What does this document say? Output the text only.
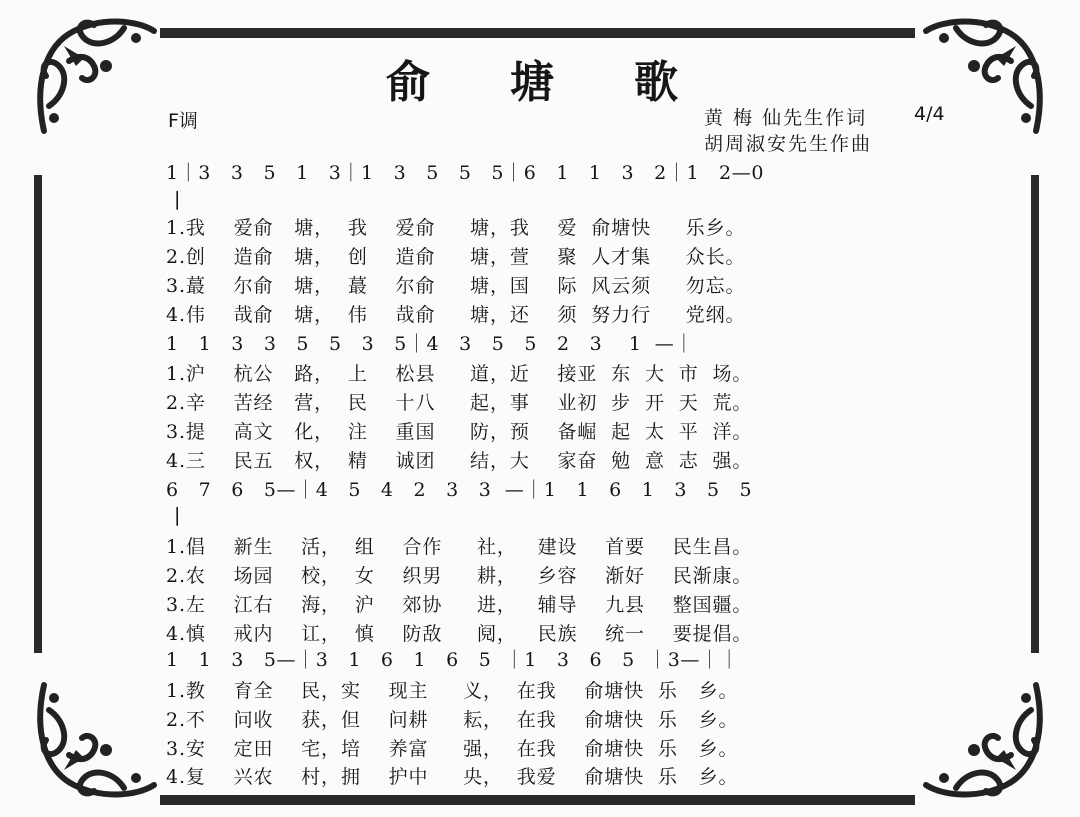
俞塘歌
F调	黄 梅 仙先生作词
胡周淑安先生作曲
4/4
1｜3   3   5   1   3｜1   3   5   5   5｜6   1   1   3   2｜1   2—0
|
1.我    爱俞   塘，  我    爱俞     塘，我    爱  俞塘快     乐乡。
2.创    造俞   塘，  创    造俞     塘，萱    聚  人才集     众长。
3.蕞    尔俞   塘，  蕞    尔俞     塘，国    际  风云须     勿忘。
4.伟    哉俞   塘，  伟    哉俞     塘，还    须  努力行     党纲。
1   1   3   3   5   5   3   5｜4   3   5   5   2   3    1  —｜
1.沪    杭公   路，  上    松县     道，近    接亚  东  大  市  场。
2.辛    苦经   营，  民    十八     起，事    业初  步  开  天  荒。
3.提    高文   化，  注    重国     防，预    备崛  起  太  平  洋。
4.三    民五   权，  精    诚团     结，大    家奋  勉  意  志  强。
6   7   6   5—｜4   5   4   2   3   3  —｜1   1   6   1   3   5   5
|
1.倡    新生    活，  组    合作     社，   建设    首要    民生昌。
2.农    场园    校，  女    织男     耕，   乡容    渐好    民渐康。
3.左    江右    海，  沪    郊协     进，   辅导    九县    整国疆。
4.慎    戒内    讧，  慎    防敌     阋，   民族    统一    要提倡。
1   1   3   5—｜3   1   6   1   6   5  ｜1   3   6   5  ｜3—｜｜
1.教    育全    民，实    现主     义，  在我    俞塘快  乐   乡。
2.不    问收    获，但    问耕     耘，  在我    俞塘快  乐   乡。
3.安    定田    宅，培    养富     强，  在我    俞塘快  乐   乡。
4.复    兴农    村，拥    护中     央，  我爱    俞塘快  乐   乡。
